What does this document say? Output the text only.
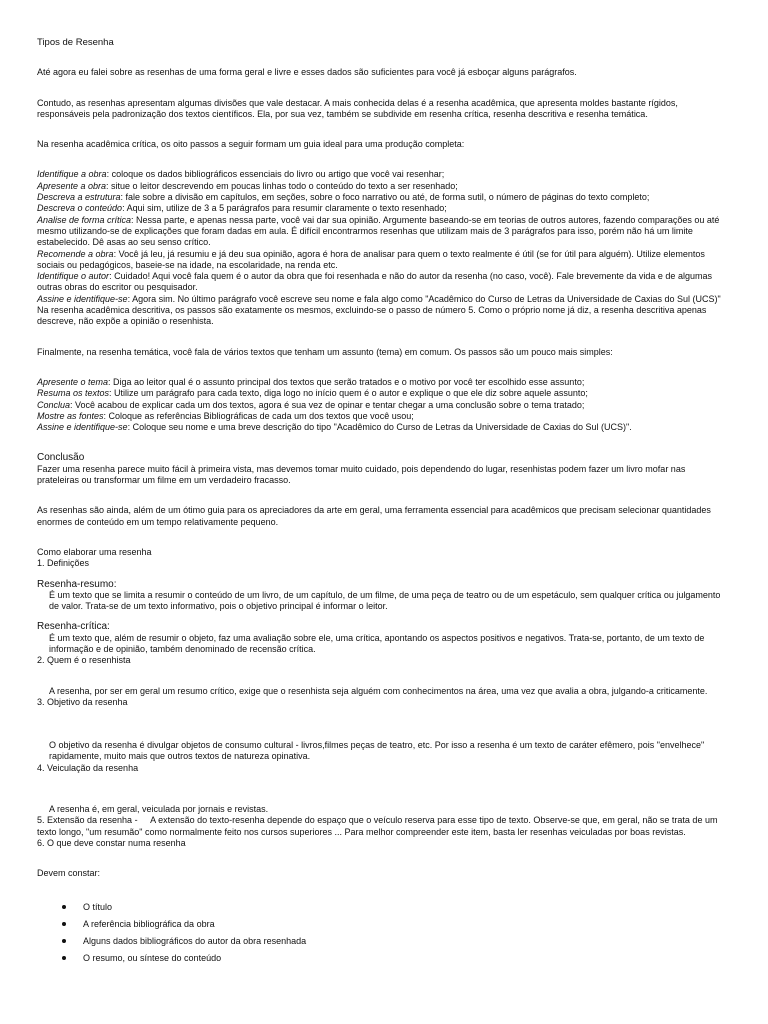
Tipos de Resenha
Até agora eu falei sobre as resenhas de uma forma geral e livre e esses dados são suficientes para você já esboçar alguns parágrafos.
Contudo, as resenhas apresentam algumas divisões que vale destacar. A mais conhecida delas é a resenha acadêmica, que apresenta moldes bastante rígidos, responsáveis pela padronização dos textos científicos. Ela, por sua vez, também se subdivide em resenha crítica, resenha descritiva e resenha temática.
Na resenha acadêmica crítica, os oito passos a seguir formam um guia ideal para uma produção completa:
Identifique a obra: coloque os dados bibliográficos essenciais do livro ou artigo que você vai resenhar;
Apresente a obra: situe o leitor descrevendo em poucas linhas todo o conteúdo do texto a ser resenhado;
Descreva a estrutura: fale sobre a divisão em capítulos, em seções, sobre o foco narrativo ou até, de forma sutil, o número de páginas do texto completo;
Descreva o conteúdo: Aqui sim, utilize de 3 a 5 parágrafos para resumir claramente o texto resenhado;
Analise de forma crítica: Nessa parte, e apenas nessa parte, você vai dar sua opinião. Argumente baseando-se em teorias de outros autores, fazendo comparações ou até mesmo utilizando-se de explicações que foram dadas em aula. É difícil encontrarmos resenhas que utilizam mais de 3 parágrafos para isso, porém não há um limite estabelecido. Dê asas ao seu senso crítico.
Recomende a obra: Você já leu, já resumiu e já deu sua opinião, agora é hora de analisar para quem o texto realmente é útil (se for útil para alguém). Utilize elementos sociais ou pedagógicos, baseie-se na idade, na escolaridade, na renda etc.
Identifique o autor: Cuidado! Aqui você fala quem é o autor da obra que foi resenhada e não do autor da resenha (no caso, você). Fale brevemente da vida e de algumas outras obras do escritor ou pesquisador.
Assine e identifique-se: Agora sim. No último parágrafo você escreve seu nome e fala algo como "Acadêmico do Curso de Letras da Universidade de Caxias do Sul (UCS)"
Na resenha acadêmica descritiva, os passos são exatamente os mesmos, excluindo-se o passo de número 5. Como o próprio nome já diz, a resenha descritiva apenas descreve, não expõe a opinião o resenhista.
Finalmente, na resenha temática, você fala de vários textos que tenham um assunto (tema) em comum. Os passos são um pouco mais simples:
Apresente o tema: Diga ao leitor qual é o assunto principal dos textos que serão tratados e o motivo por você ter escolhido esse assunto;
Resuma os textos: Utilize um parágrafo para cada texto, diga logo no início quem é o autor e explique o que ele diz sobre aquele assunto;
Conclua: Você acabou de explicar cada um dos textos, agora é sua vez de opinar e tentar chegar a uma conclusão sobre o tema tratado;
Mostre as fontes: Coloque as referências Bibliográficas de cada um dos textos que você usou;
Assine e identifique-se: Coloque seu nome e uma breve descrição do tipo "Acadêmico do Curso de Letras da Universidade de Caxias do Sul (UCS)".
Conclusão
Fazer uma resenha parece muito fácil à primeira vista, mas devemos tomar muito cuidado, pois dependendo do lugar, resenhistas podem fazer um livro mofar nas prateleiras ou transformar um filme em um verdadeiro fracasso.
As resenhas são ainda, além de um ótimo guia para os apreciadores da arte em geral, uma ferramenta essencial para acadêmicos que precisam selecionar quantidades enormes de conteúdo em um tempo relativamente pequeno.
Como elaborar uma resenha
1. Definições
Resenha-resumo:
É um texto que se limita a resumir o conteúdo de um livro, de um capítulo, de um filme, de uma peça de teatro ou de um espetáculo, sem qualquer crítica ou julgamento de valor. Trata-se de um texto informativo, pois o objetivo principal é informar o leitor.
Resenha-crítica:
É um texto que, além de resumir o objeto, faz uma avaliação sobre ele, uma crítica, apontando os aspectos positivos e negativos. Trata-se, portanto, de um texto de informação e de opinião, também denominado de recensão crítica.
2. Quem é o resenhista
A resenha, por ser em geral um resumo crítico, exige que o resenhista seja alguém com conhecimentos na área, uma vez que avalia a obra, julgando-a criticamente.
3. Objetivo da resenha
O objetivo da resenha é divulgar objetos de consumo cultural - livros,filmes peças de teatro, etc. Por isso a resenha é um texto de caráter efêmero, pois "envelhece" rapidamente, muito mais que outros textos de natureza opinativa.
4. Veiculação da resenha
A resenha é, em geral, veiculada por jornais e revistas.
5. Extensão da resenha - A extensão do texto-resenha depende do espaço que o veículo reserva para esse tipo de texto. Observe-se que, em geral, não se trata de um texto longo, "um resumão" como normalmente feito nos cursos superiores ... Para melhor compreender este item, basta ler resenhas veiculadas por boas revistas.
6. O que deve constar numa resenha
Devem constar:
O título
A referência bibliográfica da obra
Alguns dados bibliográficos do autor da obra resenhada
O resumo, ou síntese do conteúdo
